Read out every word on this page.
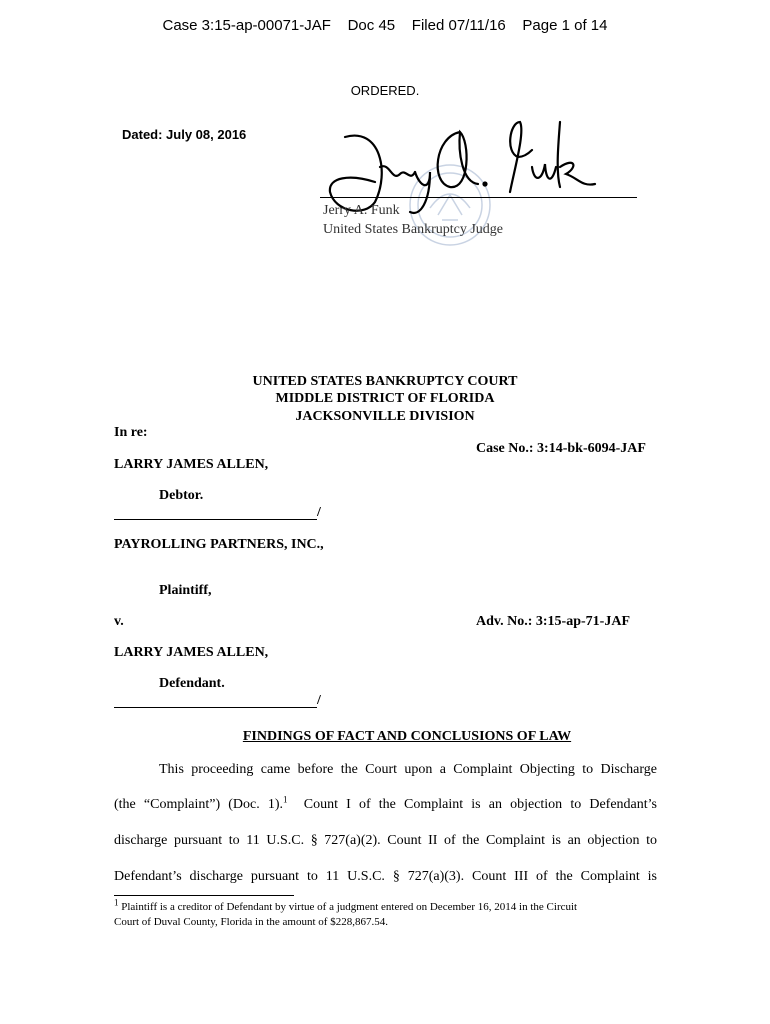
Case 3:15-ap-00071-JAF    Doc 45    Filed 07/11/16    Page 1 of 14
ORDERED.
Dated: July 08, 2016
Jerry A. Funk
United States Bankruptcy Judge
UNITED STATES BANKRUPTCY COURT
MIDDLE DISTRICT OF FLORIDA
JACKSONVILLE DIVISION
In re:
Case No.: 3:14-bk-6094-JAF
LARRY JAMES ALLEN,
Debtor.
/
PAYROLLING PARTNERS, INC.,
Plaintiff,
v.	Adv. No.: 3:15-ap-71-JAF
LARRY JAMES ALLEN,
Defendant.
/
FINDINGS OF FACT AND CONCLUSIONS OF LAW
This proceeding came before the Court upon a Complaint Objecting to Discharge
(the “Complaint”) (Doc. 1).$^1$  Count I of the Complaint is an objection to Defendant’s
discharge pursuant to 11 U.S.C. § 727(a)(2). Count II of the Complaint is an objection to
Defendant’s discharge pursuant to 11 U.S.C. § 727(a)(3). Count III of the Complaint is
$^1$ Plaintiff is a creditor of Defendant by virtue of a judgment entered on December 16, 2014 in the Circuit
Court of Duval County, Florida in the amount of $228,867.54.
